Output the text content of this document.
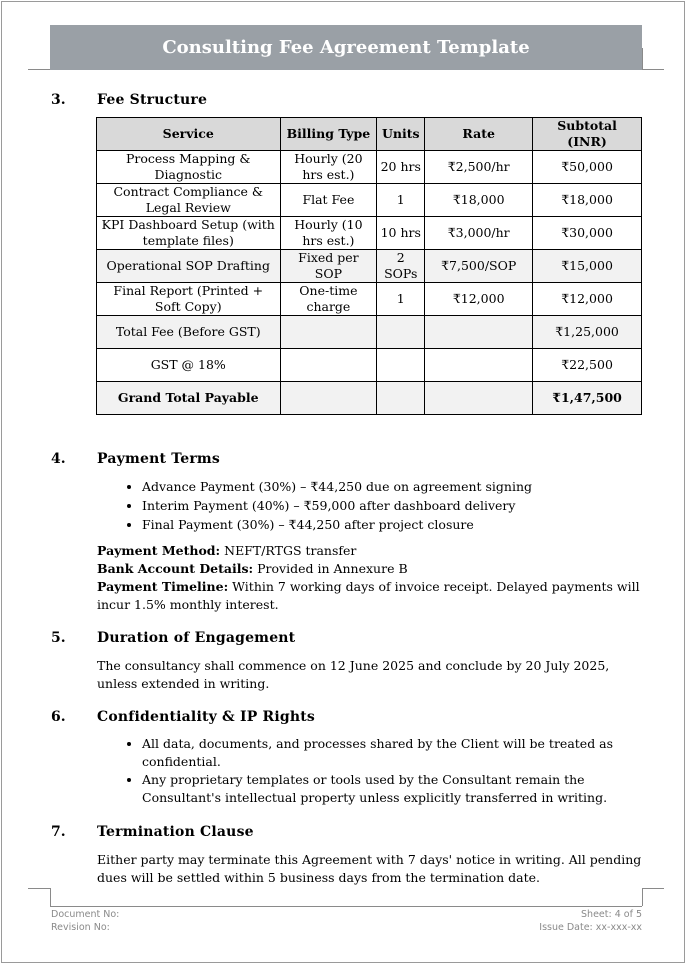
Consulting Fee Agreement Template
3. Fee Structure
Service	Billing Type	Units	Rate	Subtotal (INR)
Process Mapping & Diagnostic	Hourly (20 hrs est.)	20 hrs	₹2,500/hr	₹50,000
Contract Compliance & Legal Review	Flat Fee	1	₹18,000	₹18,000
KPI Dashboard Setup (with template files)	Hourly (10 hrs est.)	10 hrs	₹3,000/hr	₹30,000
Operational SOP Drafting	Fixed per SOP	2 SOPs	₹7,500/SOP	₹15,000
Final Report (Printed + Soft Copy)	One-time charge	1	₹12,000	₹12,000
Total Fee (Before GST)				₹1,25,000
GST @ 18%				₹22,500
Grand Total Payable				₹1,47,500
4. Payment Terms
• Advance Payment (30%) – ₹44,250 due on agreement signing
• Interim Payment (40%) – ₹59,000 after dashboard delivery
• Final Payment (30%) – ₹44,250 after project closure
Payment Method: NEFT/RTGS transfer
Bank Account Details: Provided in Annexure B
Payment Timeline: Within 7 working days of invoice receipt. Delayed payments will incur 1.5% monthly interest.
5. Duration of Engagement
The consultancy shall commence on 12 June 2025 and conclude by 20 July 2025, unless extended in writing.
6. Confidentiality & IP Rights
• All data, documents, and processes shared by the Client will be treated as confidential.
• Any proprietary templates or tools used by the Consultant remain the Consultant's intellectual property unless explicitly transferred in writing.
7. Termination Clause
Either party may terminate this Agreement with 7 days' notice in writing. All pending dues will be settled within 5 business days from the termination date.
Document No:
Revision No:
Sheet: 4 of 5
Issue Date: xx-xxx-xx
